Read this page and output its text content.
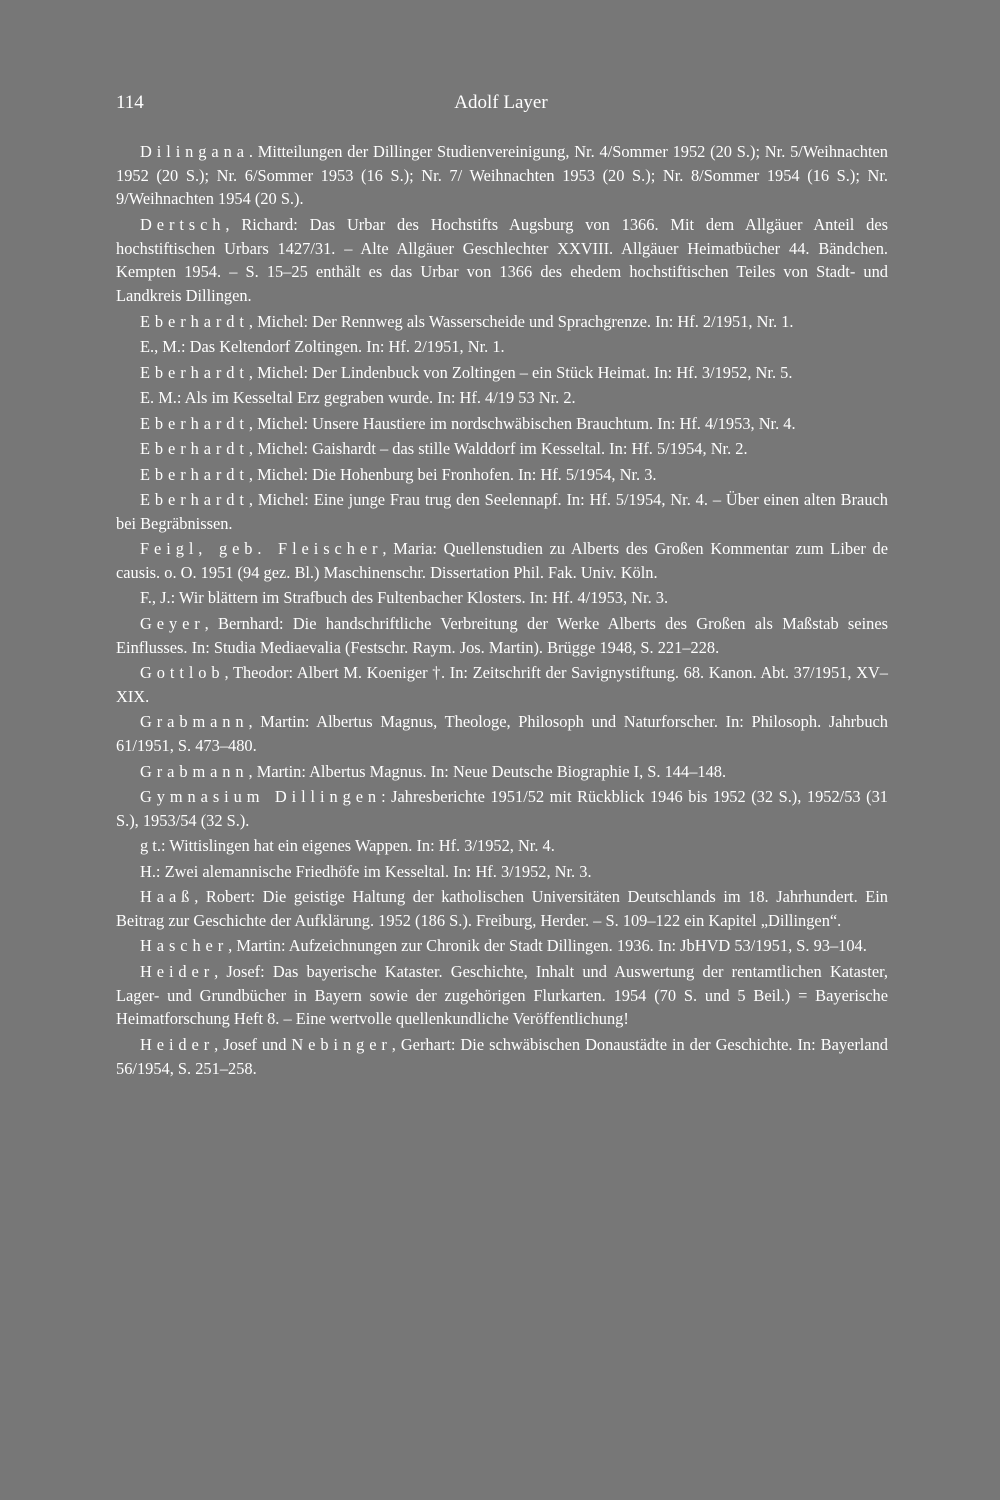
114	Adolf Layer

Dilingana. Mitteilungen der Dillinger Studienvereinigung, Nr. 4/Sommer 1952 (20 S.); Nr. 5/Weihnachten 1952 (20 S.); Nr. 6/Sommer 1953 (16 S.); Nr. 7/ Weihnachten 1953 (20 S.); Nr. 8/Sommer 1954 (16 S.); Nr. 9/Weihnachten 1954 (20 S.).

Dertsch, Richard: Das Urbar des Hochstifts Augsburg von 1366. Mit dem Allgäuer Anteil des hochstiftischen Urbars 1427/31. – Alte Allgäuer Geschlechter XXVIII. Allgäuer Heimatbücher 44. Bändchen. Kempten 1954. – S. 15–25 enthält es das Urbar von 1366 des ehedem hochstiftischen Teiles von Stadt- und Landkreis Dillingen.

Eberhardt, Michel: Der Rennweg als Wasserscheide und Sprachgrenze. In: Hf. 2/1951, Nr. 1.

E., M.: Das Keltendorf Zoltingen. In: Hf. 2/1951, Nr. 1.

Eberhardt, Michel: Der Lindenbuck von Zoltingen – ein Stück Heimat. In: Hf. 3/1952, Nr. 5.

E. M.: Als im Kesseltal Erz gegraben wurde. In: Hf. 4/19 53 Nr. 2.

Eberhardt, Michel: Unsere Haustiere im nordschwäbischen Brauchtum. In: Hf. 4/1953, Nr. 4.

Eberhardt, Michel: Gaishardt – das stille Walddorf im Kesseltal. In: Hf. 5/1954, Nr. 2.

Eberhardt, Michel: Die Hohenburg bei Fronhofen. In: Hf. 5/1954, Nr. 3.

Eberhardt, Michel: Eine junge Frau trug den Seelennapf. In: Hf. 5/1954, Nr. 4. – Über einen alten Brauch bei Begräbnissen.

Feigl, geb. Fleischer, Maria: Quellenstudien zu Alberts des Großen Kommentar zum Liber de causis. o. O. 1951 (94 gez. Bl.) Maschinenschr. Dissertation Phil. Fak. Univ. Köln.

F., J.: Wir blättern im Strafbuch des Fultenbacher Klosters. In: Hf. 4/1953, Nr. 3.

Geyer, Bernhard: Die handschriftliche Verbreitung der Werke Alberts des Großen als Maßstab seines Einflusses. In: Studia Mediaevalia (Festschr. Raym. Jos. Martin). Brügge 1948, S. 221–228.

Gottlob, Theodor: Albert M. Koeniger †. In: Zeitschrift der Savignystiftung. 68. Kanon. Abt. 37/1951, XV–XIX.

Grabmann, Martin: Albertus Magnus, Theologe, Philosoph und Naturforscher. In: Philosoph. Jahrbuch 61/1951, S. 473–480.

Grabmann, Martin: Albertus Magnus. In: Neue Deutsche Biographie I, S. 144–148.

Gymnasium Dillingen: Jahresberichte 1951/52 mit Rückblick 1946 bis 1952 (32 S.), 1952/53 (31 S.), 1953/54 (32 S.).

g t.: Wittislingen hat ein eigenes Wappen. In: Hf. 3/1952, Nr. 4.

H.: Zwei alemannische Friedhöfe im Kesseltal. In: Hf. 3/1952, Nr. 3.

Haaß, Robert: Die geistige Haltung der katholischen Universitäten Deutschlands im 18. Jahrhundert. Ein Beitrag zur Geschichte der Aufklärung. 1952 (186 S.). Freiburg, Herder. – S. 109–122 ein Kapitel „Dillingen“.

Hascher, Martin: Aufzeichnungen zur Chronik der Stadt Dillingen. 1936. In: JbHVD 53/1951, S. 93–104.

Heider, Josef: Das bayerische Kataster. Geschichte, Inhalt und Auswertung der rentamtlichen Kataster, Lager- und Grundbücher in Bayern sowie der zugehörigen Flurkarten. 1954 (70 S. und 5 Beil.) = Bayerische Heimatforschung Heft 8. – Eine wertvolle quellenkundliche Veröffentlichung!

Heider, Josef und Nebinger, Gerhart: Die schwäbischen Donaustädte in der Geschichte. In: Bayerland 56/1954, S. 251–258.
